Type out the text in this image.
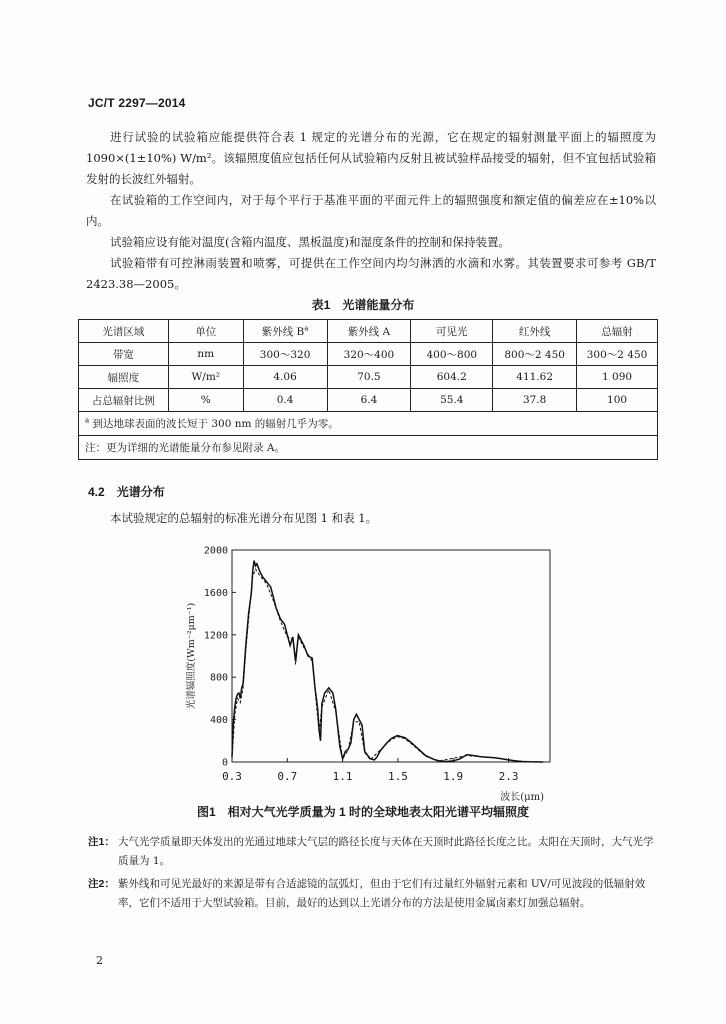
JC/T 2297—2014

进行试验的试验箱应能提供符合表 1 规定的光谱分布的光源，它在规定的辐射测量平面上的辐照度为 1090×(1±10%) W/m²。该辐照度值应包括任何从试验箱内反射且被试验样品接受的辐射，但不宜包括试验箱发射的长波红外辐射。

在试验箱的工作空间内，对于每个平行于基准平面的平面元件上的辐照强度和额定值的偏差应在±10%以内。

试验箱应设有能对温度(含箱内温度、黑板温度)和湿度条件的控制和保持装置。

试验箱带有可控淋雨装置和喷雾，可提供在工作空间内均匀淋洒的水滴和水雾。其装置要求可参考 GB/T 2423.38—2005。

表1　光谱能量分布
光谱区域	单位	紫外线 $B^a$	紫外线 A	可见光	红外线	总辐射
带宽	nm	300～320	320～400	400～800	800～2 450	300～2 450
辐照度	W/m²	4.06	70.5	604.2	411.62	1 090
占总辐射比例	%	0.4	6.4	55.4	37.8	100
$^a$ 到达地球表面的波长短于 300 nm 的辐射几乎为零。						
注：更为详细的光谱能量分布参见附录 A。						
4.2 光谱分布
本试验规定的总辐射的标准光谱分布见图 1 和表 1。
0
400
800
1200
1600
2000
0.3	0.7	1.1	1.5	1.9	2.3
波长(μm)
光谱辐照度(Wm⁻²μm⁻¹)
图1　相对大气光学质量为 1 时的全球地表太阳光谱平均辐照度
注1： 大气光学质量即天体发出的光通过地球大气层的路径长度与天体在天顶时此路径长度之比。太阳在天顶时，大气光学质量为 1。
注2： 紫外线和可见光最好的来源是带有合适滤镜的氙弧灯，但由于它们有过量红外辐射元素和 UV/可见波段的低辐射效率，它们不适用于大型试验箱。目前，最好的达到以上光谱分布的方法是使用金属卤素灯加强总辐射。
2
